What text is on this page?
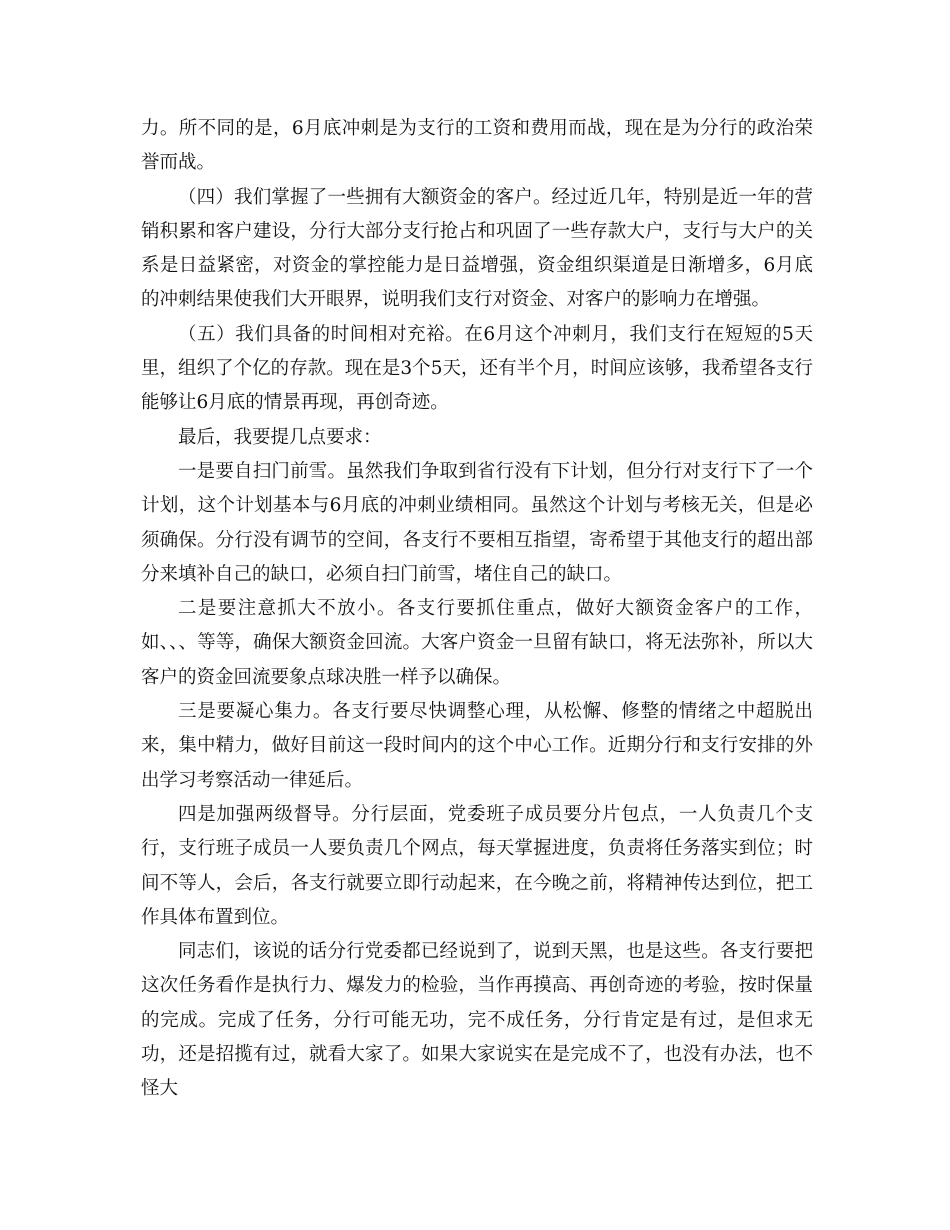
力。所不同的是，6月底冲刺是为支行的工资和费用而战，现在是为分行的政治荣誉而战。

（四）我们掌握了一些拥有大额资金的客户。经过近几年，特别是近一年的营销积累和客户建设，分行大部分支行抢占和巩固了一些存款大户，支行与大户的关系是日益紧密，对资金的掌控能力是日益增强，资金组织渠道是日渐增多，6月底的冲刺结果使我们大开眼界，说明我们支行对资金、对客户的影响力在增强。

（五）我们具备的时间相对充裕。在6月这个冲刺月，我们支行在短短的5天里，组织了个亿的存款。现在是3个5天，还有半个月，时间应该够，我希望各支行能够让6月底的情景再现，再创奇迹。

最后，我要提几点要求：

一是要自扫门前雪。虽然我们争取到省行没有下计划，但分行对支行下了一个计划，这个计划基本与6月底的冲刺业绩相同。虽然这个计划与考核无关，但是必须确保。分行没有调节的空间，各支行不要相互指望，寄希望于其他支行的超出部分来填补自己的缺口，必须自扫门前雪，堵住自己的缺口。

二是要注意抓大不放小。各支行要抓住重点，做好大额资金客户的工作，如、、、等等，确保大额资金回流。大客户资金一旦留有缺口，将无法弥补，所以大客户的资金回流要象点球决胜一样予以确保。

三是要凝心集力。各支行要尽快调整心理，从松懈、修整的情绪之中超脱出来，集中精力，做好目前这一段时间内的这个中心工作。近期分行和支行安排的外出学习考察活动一律延后。

四是加强两级督导。分行层面，党委班子成员要分片包点，一人负责几个支行，支行班子成员一人要负责几个网点，每天掌握进度，负责将任务落实到位；时间不等人，会后，各支行就要立即行动起来，在今晚之前，将精神传达到位，把工作具体布置到位。

同志们，该说的话分行党委都已经说到了，说到天黑，也是这些。各支行要把这次任务看作是执行力、爆发力的检验，当作再摸高、再创奇迹的考验，按时保量的完成。完成了任务，分行可能无功，完不成任务，分行肯定是有过，是但求无功，还是招揽有过，就看大家了。如果大家说实在是完成不了，也没有办法，也不怪大
